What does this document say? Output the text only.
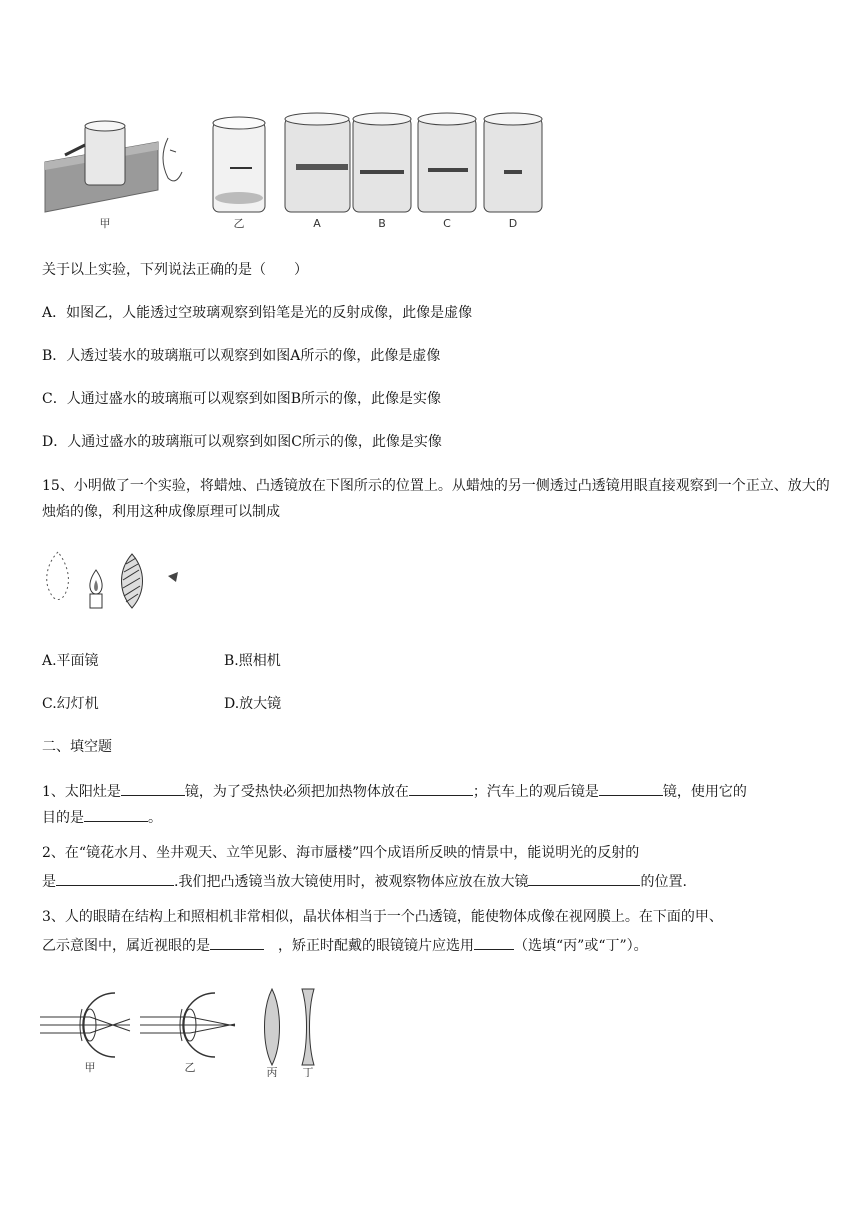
甲	乙	A	B	C	D
关于以上实验，下列说法正确的是（　　）
A．如图乙，人能透过空玻璃观察到铅笔是光的反射成像，此像是虚像
B．人透过装水的玻璃瓶可以观察到如图A所示的像，此像是虚像
C．人通过盛水的玻璃瓶可以观察到如图B所示的像，此像是实像
D．人通过盛水的玻璃瓶可以观察到如图C所示的像，此像是实像
15、小明做了一个实验，将蜡烛、凸透镜放在下图所示的位置上。从蜡烛的另一侧透过凸透镜用眼直接观察到一个正立、放大的烛焰的像，利用这种成像原理可以制成
A.平面镜	B.照相机
C.幻灯机	D.放大镜
二、填空题
1、太阳灶是	镜，为了受热快必须把加热物体放在	；汽车上的观后镜是	镜，使用它的
目的是	。
2、在“镜花水月、坐井观天、立竿见影、海市蜃楼”四个成语所反映的情景中，能说明光的反射的
是	.我们把凸透镜当放大镜使用时，被观察物体应放在放大镜	的位置.
3、人的眼睛在结构上和照相机非常相似，晶状体相当于一个凸透镜，能使物体成像在视网膜上。在下面的甲、
乙示意图中，属近视眼的是　	，矫正时配戴的眼镜镜片应选用	（选填“丙”或“丁”）。
甲	乙	丙 丁
